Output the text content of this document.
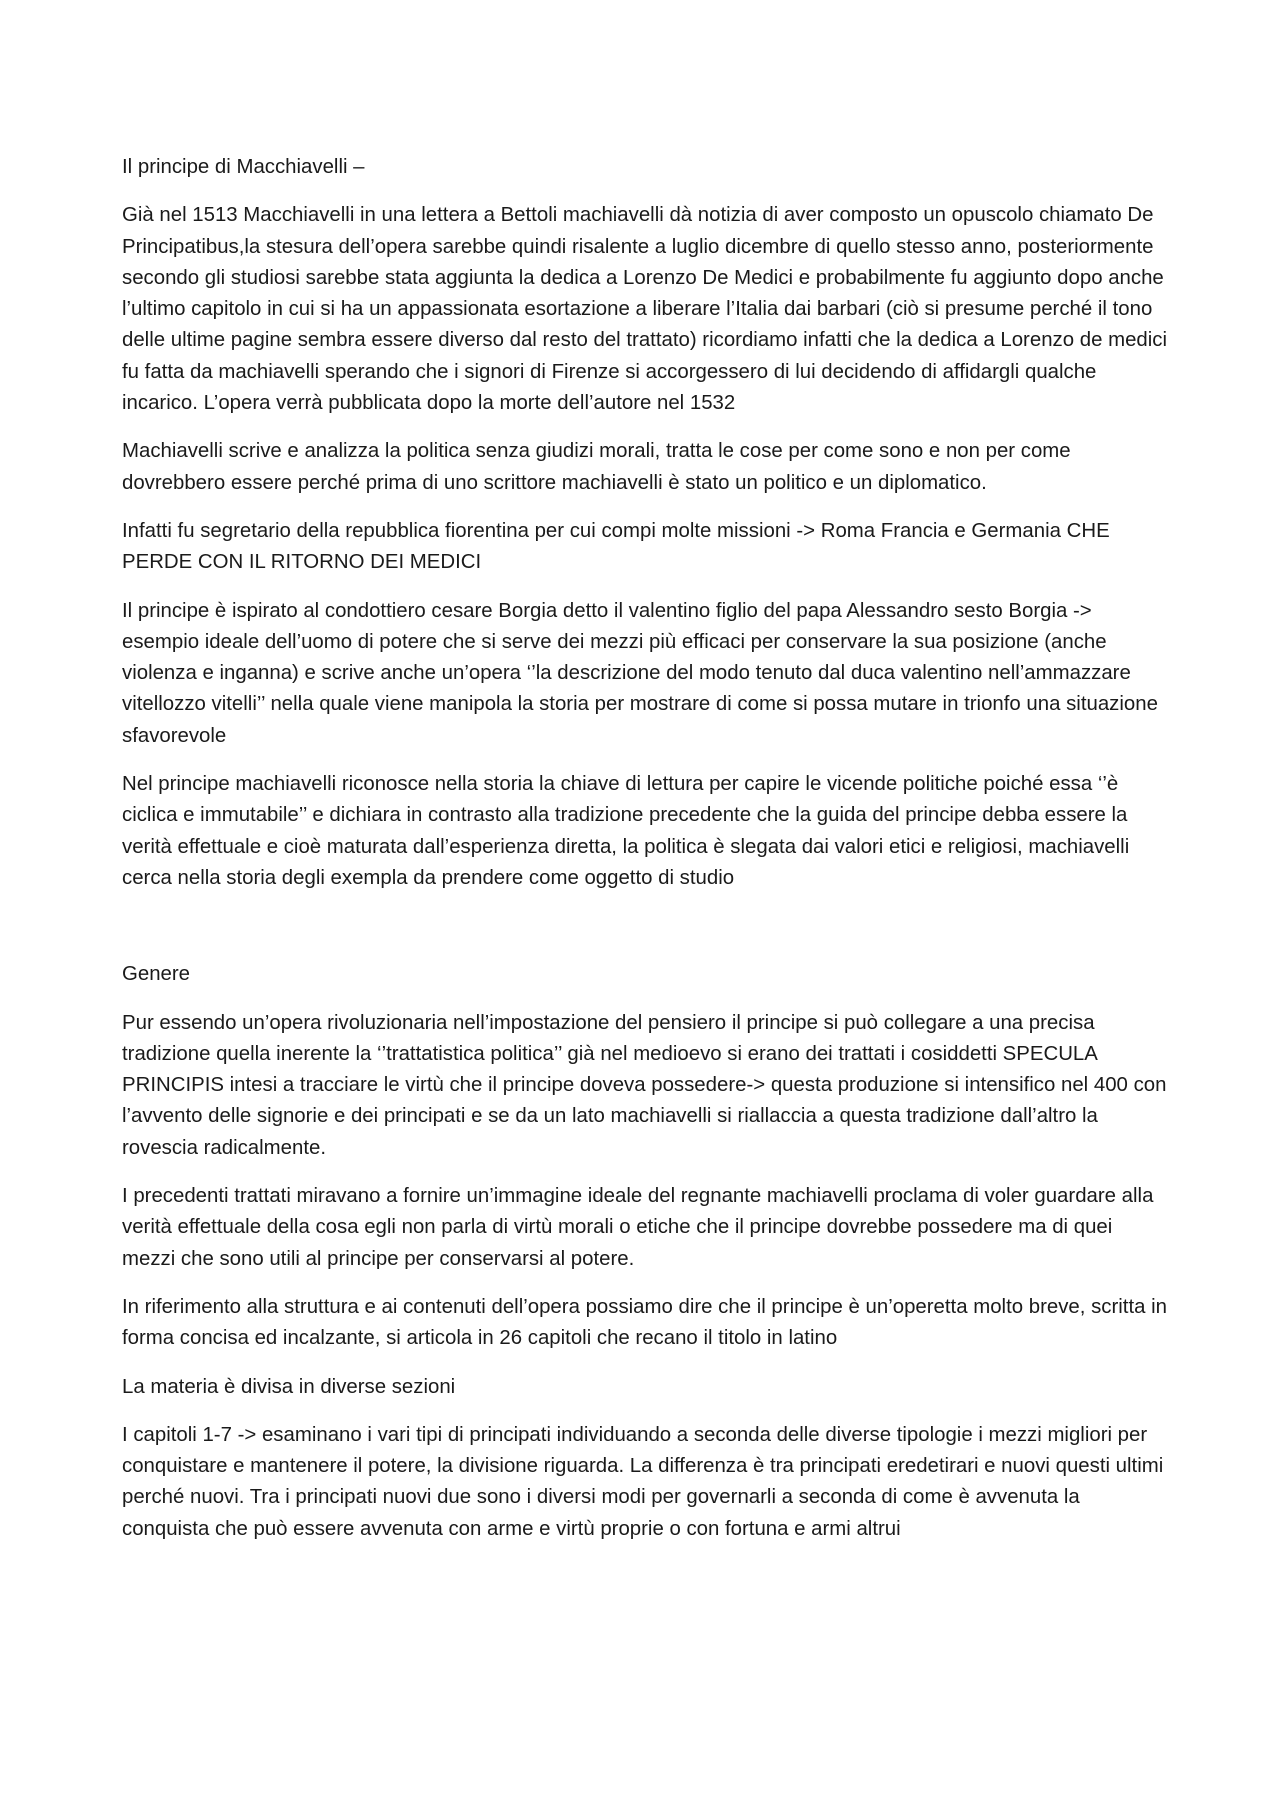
Il principe di Macchiavelli –

Già nel 1513 Macchiavelli in una lettera a Bettoli machiavelli dà notizia di aver composto un opuscolo chiamato De Principatibus,la stesura dell’opera sarebbe quindi risalente a luglio dicembre di quello stesso anno, posteriormente secondo gli studiosi sarebbe stata aggiunta la dedica a Lorenzo De Medici e probabilmente fu aggiunto dopo anche l’ultimo capitolo in cui si ha un appassionata esortazione a liberare l’Italia dai barbari (ciò si presume perché il tono delle ultime pagine sembra essere diverso dal resto del trattato) ricordiamo infatti che la dedica a Lorenzo de medici fu fatta da machiavelli sperando che i signori di Firenze si accorgessero di lui decidendo di affidargli qualche incarico. L’opera verrà pubblicata dopo la morte dell’autore nel 1532

Machiavelli scrive e analizza la politica senza giudizi morali, tratta le cose per come sono e non per come dovrebbero essere perché prima di uno scrittore machiavelli è stato un politico e un diplomatico.

Infatti fu segretario della repubblica fiorentina per cui compi molte missioni -> Roma Francia e Germania CHE PERDE CON IL RITORNO DEI MEDICI

Il principe è ispirato al condottiero cesare Borgia detto il valentino figlio del papa Alessandro sesto Borgia -> esempio ideale dell’uomo di potere che si serve dei mezzi più efficaci per conservare la sua posizione (anche violenza e inganna) e scrive anche un’opera ‘’la descrizione del modo tenuto dal duca valentino nell’ammazzare vitellozzo vitelli’’ nella quale viene manipola la storia per mostrare di come si possa mutare in trionfo una situazione sfavorevole

Nel principe machiavelli riconosce nella storia la chiave di lettura per capire le vicende politiche poiché essa ‘’è ciclica e immutabile’’ e dichiara in contrasto alla tradizione precedente che la guida del principe debba essere la verità effettuale e cioè maturata dall’esperienza diretta, la politica è slegata dai valori etici e religiosi, machiavelli cerca nella storia degli exempla da prendere come oggetto di studio

Genere

Pur essendo un’opera rivoluzionaria nell’impostazione del pensiero il principe si può collegare a una precisa tradizione quella inerente la ‘’trattatistica politica’’ già nel medioevo si erano dei trattati i cosiddetti SPECULA PRINCIPIS intesi a tracciare le virtù che il principe doveva possedere-> questa produzione si intensifico nel 400 con l’avvento delle signorie e dei principati e se da un lato machiavelli si riallaccia a questa tradizione dall’altro la rovescia radicalmente.

I precedenti trattati miravano a fornire un’immagine ideale del regnante machiavelli proclama di voler guardare alla verità effettuale della cosa egli non parla di virtù morali o etiche che il principe dovrebbe possedere ma di quei mezzi che sono utili al principe per conservarsi al potere.

In riferimento alla struttura e ai contenuti dell’opera possiamo dire che il principe è un’operetta molto breve, scritta in forma concisa ed incalzante, si articola in 26 capitoli che recano il titolo in latino

La materia è divisa in diverse sezioni

I capitoli 1-7 -> esaminano i vari tipi di principati individuando a seconda delle diverse tipologie i mezzi migliori per conquistare e mantenere il potere, la divisione riguarda. La differenza è tra principati eredetirari e nuovi questi ultimi perché nuovi. Tra i principati nuovi due sono i diversi modi per governarli a seconda di come è avvenuta la conquista che può essere avvenuta con arme e virtù proprie o con fortuna e armi altrui
